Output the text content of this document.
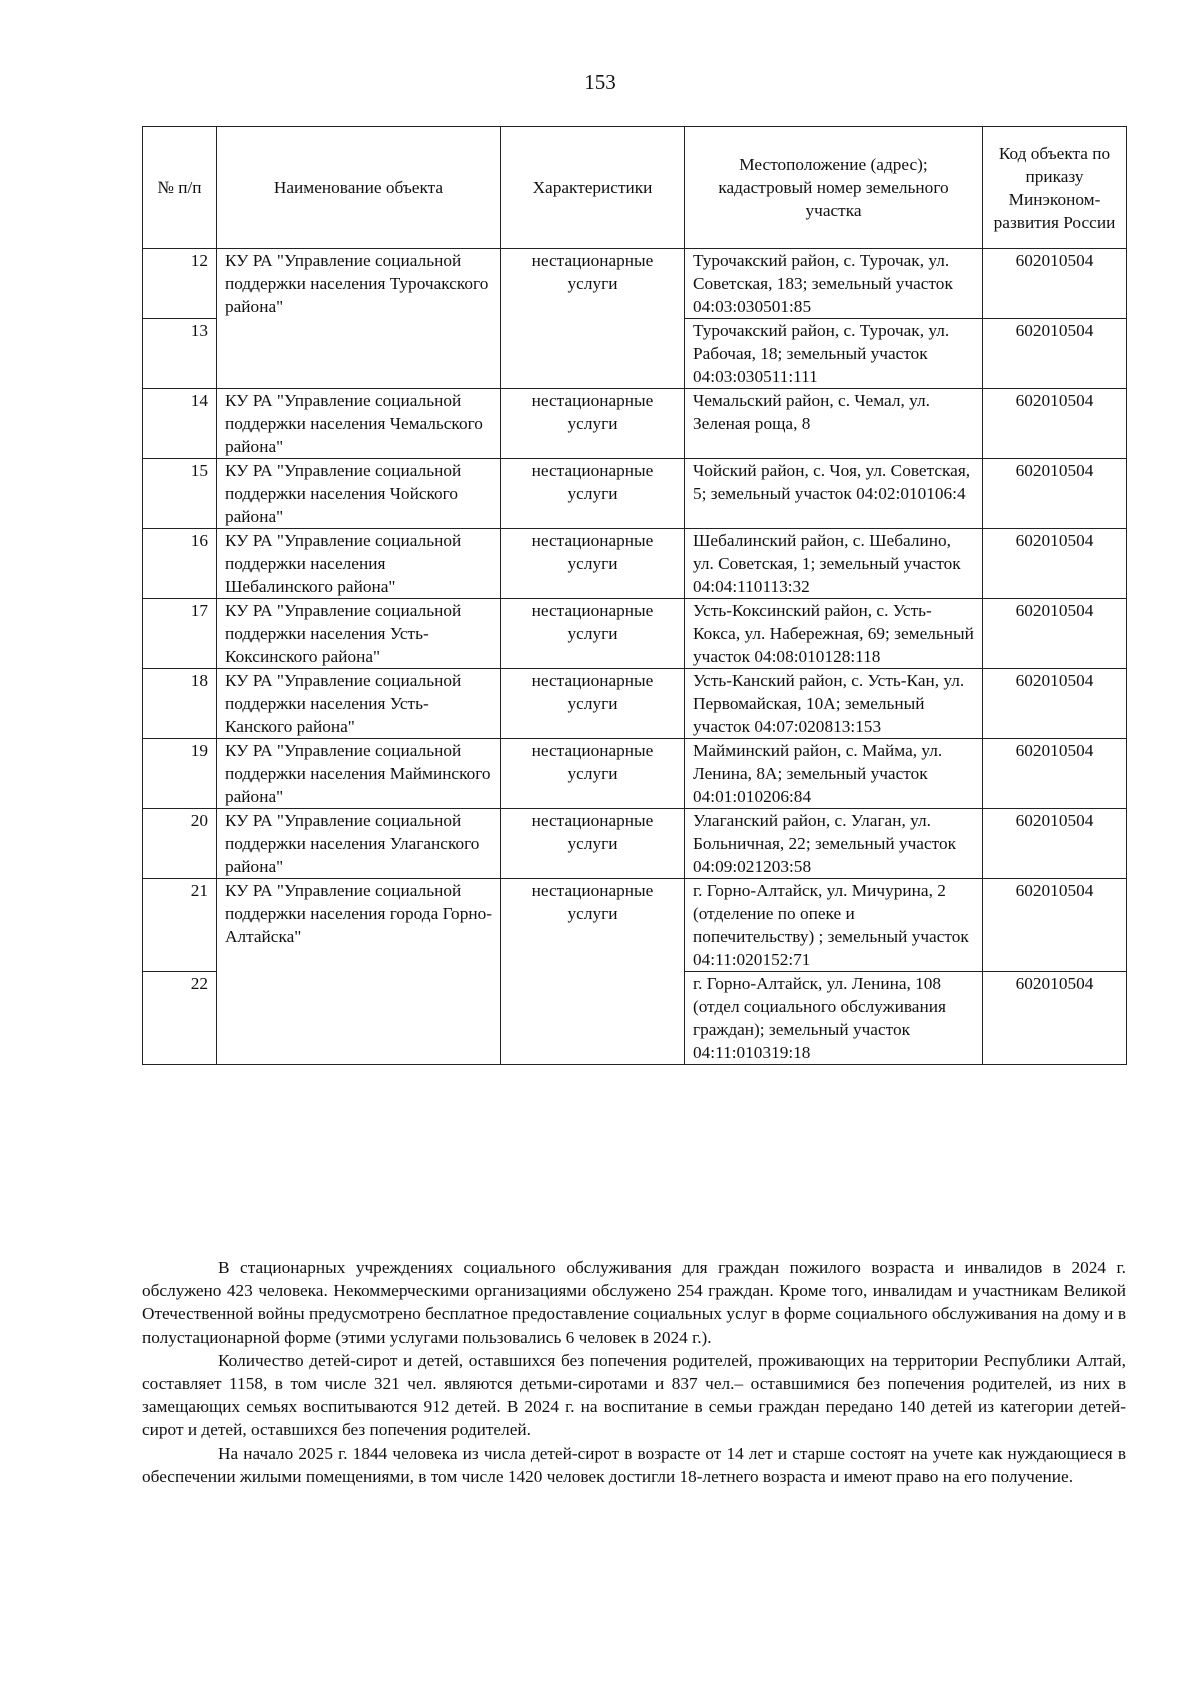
153
№ п/п	Наименование объекта	Характеристики	Местоположение (адрес); кадастровый номер земельного участка	Код объекта по приказу Минэконом-развития России
12	КУ РА "Управление социальной поддержки населения Турочакского района"	нестационарные услуги	Турочакский район, с. Турочак, ул. Советская, 183; земельный участок 04:03:030501:85	602010504
13			Турочакский район, с. Турочак, ул. Рабочая, 18; земельный участок 04:03:030511:111	602010504
14	КУ РА "Управление социальной поддержки населения Чемальского района"	нестационарные услуги	Чемальский район, с. Чемал, ул. Зеленая роща, 8	602010504
15	КУ РА "Управление социальной поддержки населения Чойского района"	нестационарные услуги	Чойский район, с. Чоя, ул. Советская, 5; земельный участок 04:02:010106:4	602010504
16	КУ РА "Управление социальной поддержки населения Шебалинского района"	нестационарные услуги	Шебалинский район, с. Шебалино, ул. Советская, 1; земельный участок 04:04:110113:32	602010504
17	КУ РА "Управление социальной поддержки населения Усть-Коксинского района"	нестационарные услуги	Усть-Коксинский район, с. Усть-Кокса, ул. Набережная, 69; земельный участок 04:08:010128:118	602010504
18	КУ РА "Управление социальной поддержки населения Усть-Канского района"	нестационарные услуги	Усть-Канский район, с. Усть-Кан, ул. Первомайская, 10А; земельный участок 04:07:020813:153	602010504
19	КУ РА "Управление социальной поддержки населения Майминского района"	нестационарные услуги	Майминский район, с. Майма, ул. Ленина, 8А; земельный участок 04:01:010206:84	602010504
20	КУ РА "Управление социальной поддержки населения Улаганского района"	нестационарные услуги	Улаганский район, с. Улаган, ул. Больничная, 22; земельный участок 04:09:021203:58	602010504
21	КУ РА "Управление социальной поддержки населения города Горно-Алтайска"	нестационарные услуги	г. Горно-Алтайск, ул. Мичурина, 2 (отделение по опеке и попечительству) ; земельный участок 04:11:020152:71	602010504
22			г. Горно-Алтайск, ул. Ленина, 108 (отдел социального обслуживания граждан); земельный участок 04:11:010319:18	602010504

В стационарных учреждениях социального обслуживания для граждан пожилого возраста и инвалидов в 2024 г. обслужено 423 человека. Некоммерческими организациями обслужено 254 граждан. Кроме того, инвалидам и участникам Великой Отечественной войны предусмотрено бесплатное предоставление социальных услуг в форме социального обслуживания на дому и в полустационарной форме (этими услугами пользовались 6 человек в 2024 г.).

Количество детей-сирот и детей, оставшихся без попечения родителей, проживающих на территории Республики Алтай, составляет 1158, в том числе 321 чел. являются детьми-сиротами и 837 чел.– оставшимися без попечения родителей, из них в замещающих семьях воспитываются 912 детей. В 2024 г. на воспитание в семьи граждан передано 140 детей из категории детей-сирот и детей, оставшихся без попечения родителей.

На начало 2025 г. 1844 человека из числа детей-сирот в возрасте от 14 лет и старше состоят на учете как нуждающиеся в обеспечении жилыми помещениями, в том числе 1420 человек достигли 18-летнего возраста и имеют право на его получение.
